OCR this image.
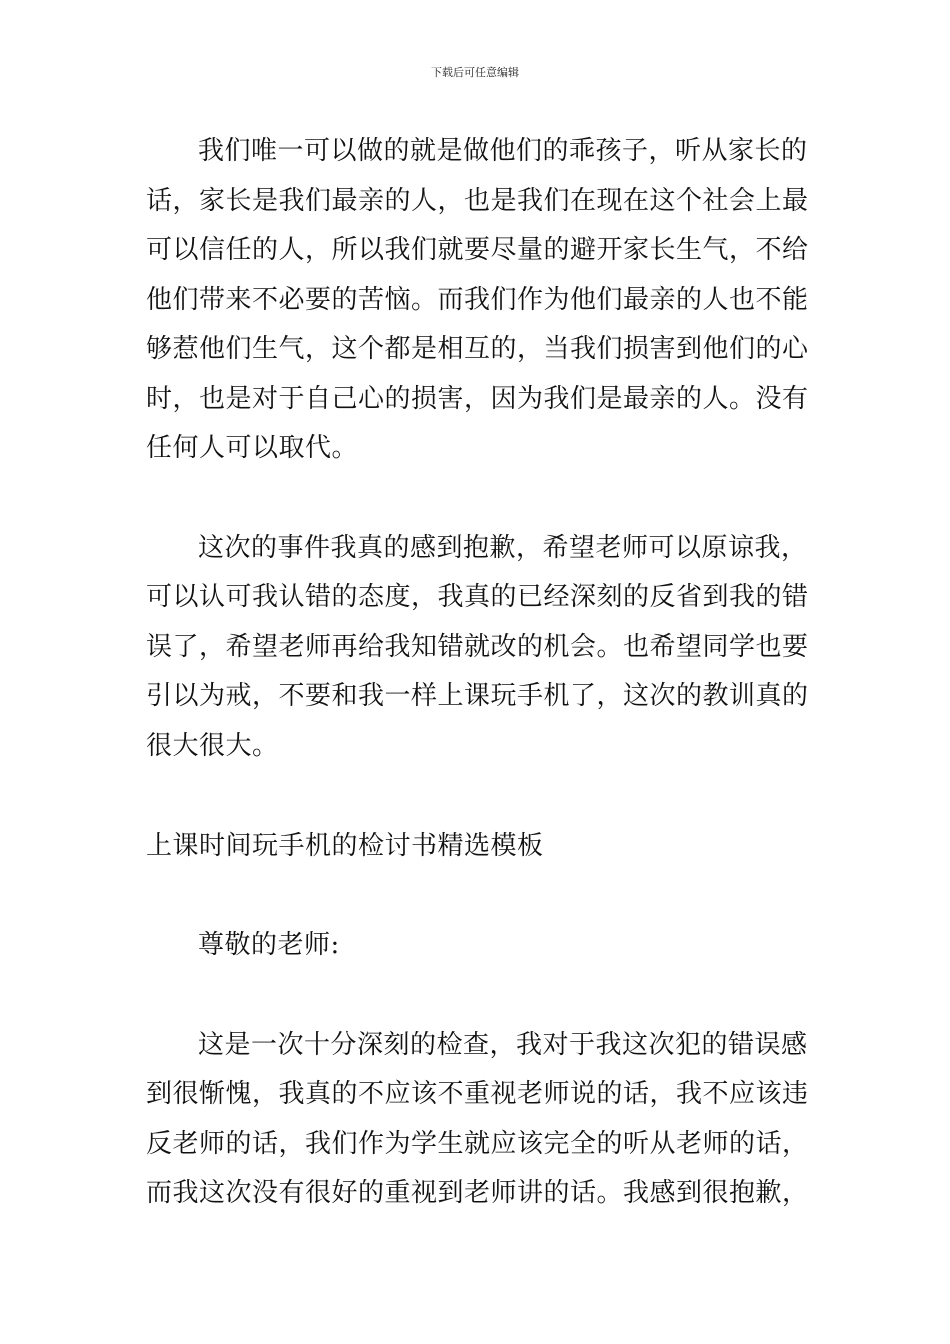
下载后可任意编辑
我们唯一可以做的就是做他们的乖孩子，听从家长的
话，家长是我们最亲的人，也是我们在现在这个社会上最
可以信任的人，所以我们就要尽量的避开家长生气，不给
他们带来不必要的苦恼。而我们作为他们最亲的人也不能
够惹他们生气，这个都是相互的，当我们损害到他们的心
时，也是对于自己心的损害，因为我们是最亲的人。没有
任何人可以取代。
这次的事件我真的感到抱歉，希望老师可以原谅我，
可以认可我认错的态度，我真的已经深刻的反省到我的错
误了，希望老师再给我知错就改的机会。也希望同学也要
引以为戒，不要和我一样上课玩手机了，这次的教训真的
很大很大。
上课时间玩手机的检讨书精选模板
尊敬的老师:
这是一次十分深刻的检查，我对于我这次犯的错误感
到很惭愧，我真的不应该不重视老师说的话，我不应该违
反老师的话，我们作为学生就应该完全的听从老师的话，
而我这次没有很好的重视到老师讲的话。我感到很抱歉，
